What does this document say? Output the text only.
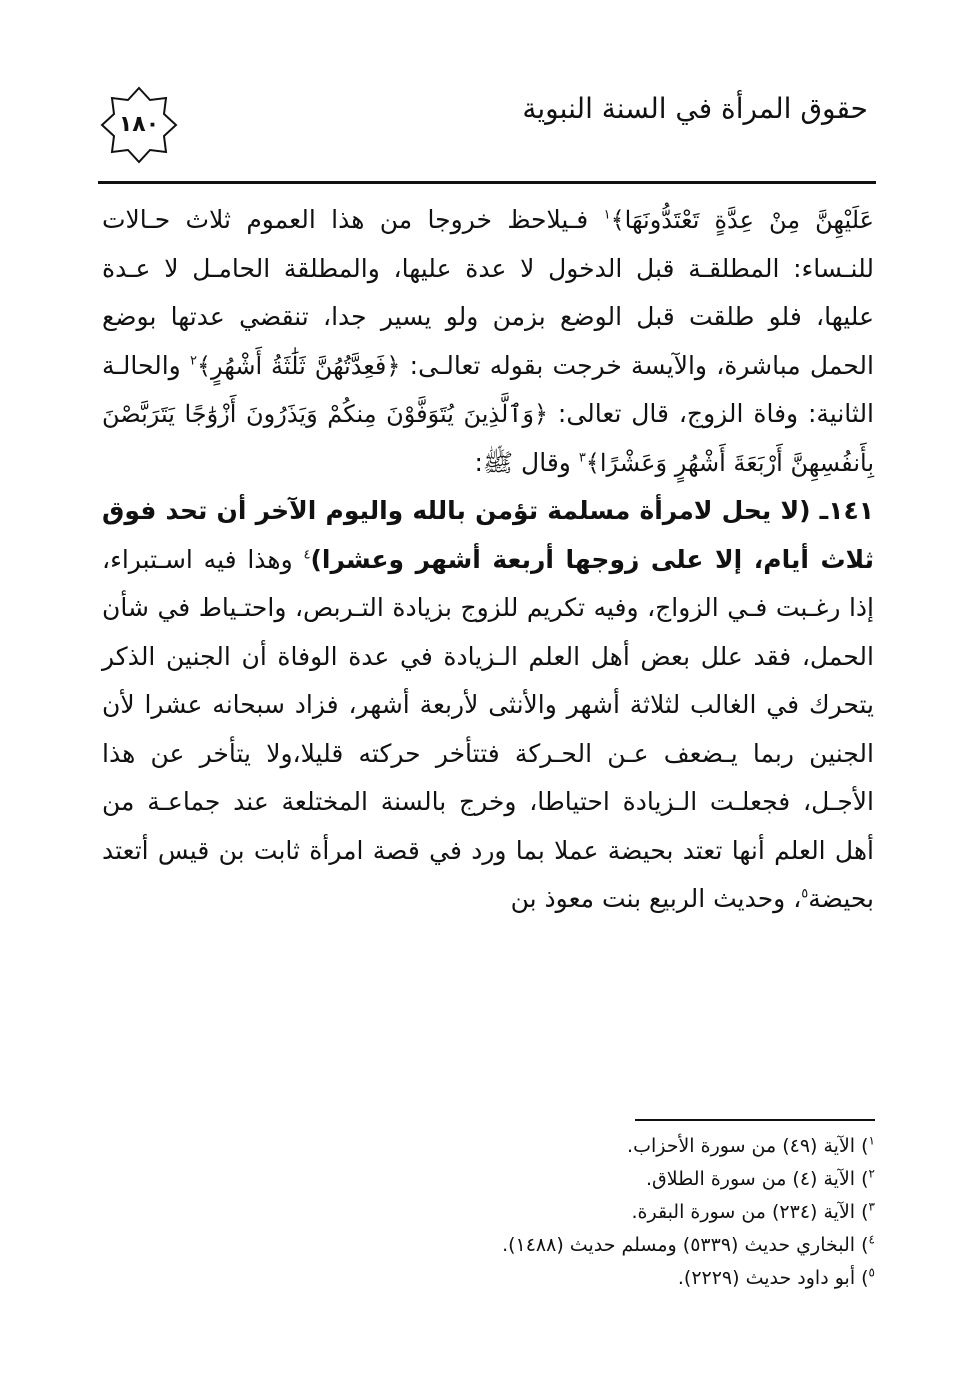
حقوق المرأة في السنة النبوية
١٨٠

عَلَيْهِنَّ مِنْ عِدَّةٍ تَعْتَدُّونَهَا﴾$^١$ فـيلاحظ خروجا من هذا العموم ثلاث حـالات للنـساء: المطلقـة قبل الدخول لا عدة عليها، والمطلقة الحامـل لا عـدة عليها، فلو طلقت قبل الوضع بزمن ولو يسير جدا، تنقضي عدتها بوضع الحمل مباشرة، والآيسة خرجت بقوله تعالـى: ﴿فَعِدَّتُهُنَّ ثَلَٰثَةُ أَشْهُرٍ﴾$^٢$ والحالـة الثانية: وفاة الزوج، قال تعالى: ﴿وَٱلَّذِينَ يُتَوَفَّوْنَ مِنكُمْ وَيَذَرُونَ أَزْوَٰجًا يَتَرَبَّصْنَ بِأَنفُسِهِنَّ أَرْبَعَةَ أَشْهُرٍ وَعَشْرًا﴾$^٣$ وقال ﷺ:

١٤١ـ (لا يحل لامرأة مسلمة تؤمن بالله واليوم الآخر أن تحد فوق ثلاث أيام، إلا على زوجها أربعة أشهر وعشرا)$^٤$ وهذا فيه اسـتبراء، إذا رغـبت فـي الزواج، وفيه تكريم للزوج بزيادة التـربص، واحتـياط في شأن الحمل، فقد علل بعض أهل العلم الـزيادة في عدة الوفاة أن الجنين الذكر يتحرك في الغالب لثلاثة أشهر والأنثى لأربعة أشهر، فزاد سبحانه عشرا لأن الجنين ربما يـضعف عـن الحـركة فتتأخر حركته قليلا،ولا يتأخر عن هذا الأجـل، فجعلـت الـزيادة احتياطا، وخرج بالسنة المختلعة عند جماعـة من أهل العلم أنها تعتد بحيضة عملا بما ورد في قصة امرأة ثابت بن قيس أتعتد بحيضة$^٥$، وحديث الربيع بنت معوذ بن

$^١$) الآية (٤٩) من سورة الأحزاب.
$^٢$) الآية (٤) من سورة الطلاق.
$^٣$) الآية (٢٣٤) من سورة البقرة.
$^٤$) البخاري حديث (٥٣٣٩) ومسلم حديث (١٤٨٨).
$^٥$) أبو داود حديث (٢٢٢٩).
